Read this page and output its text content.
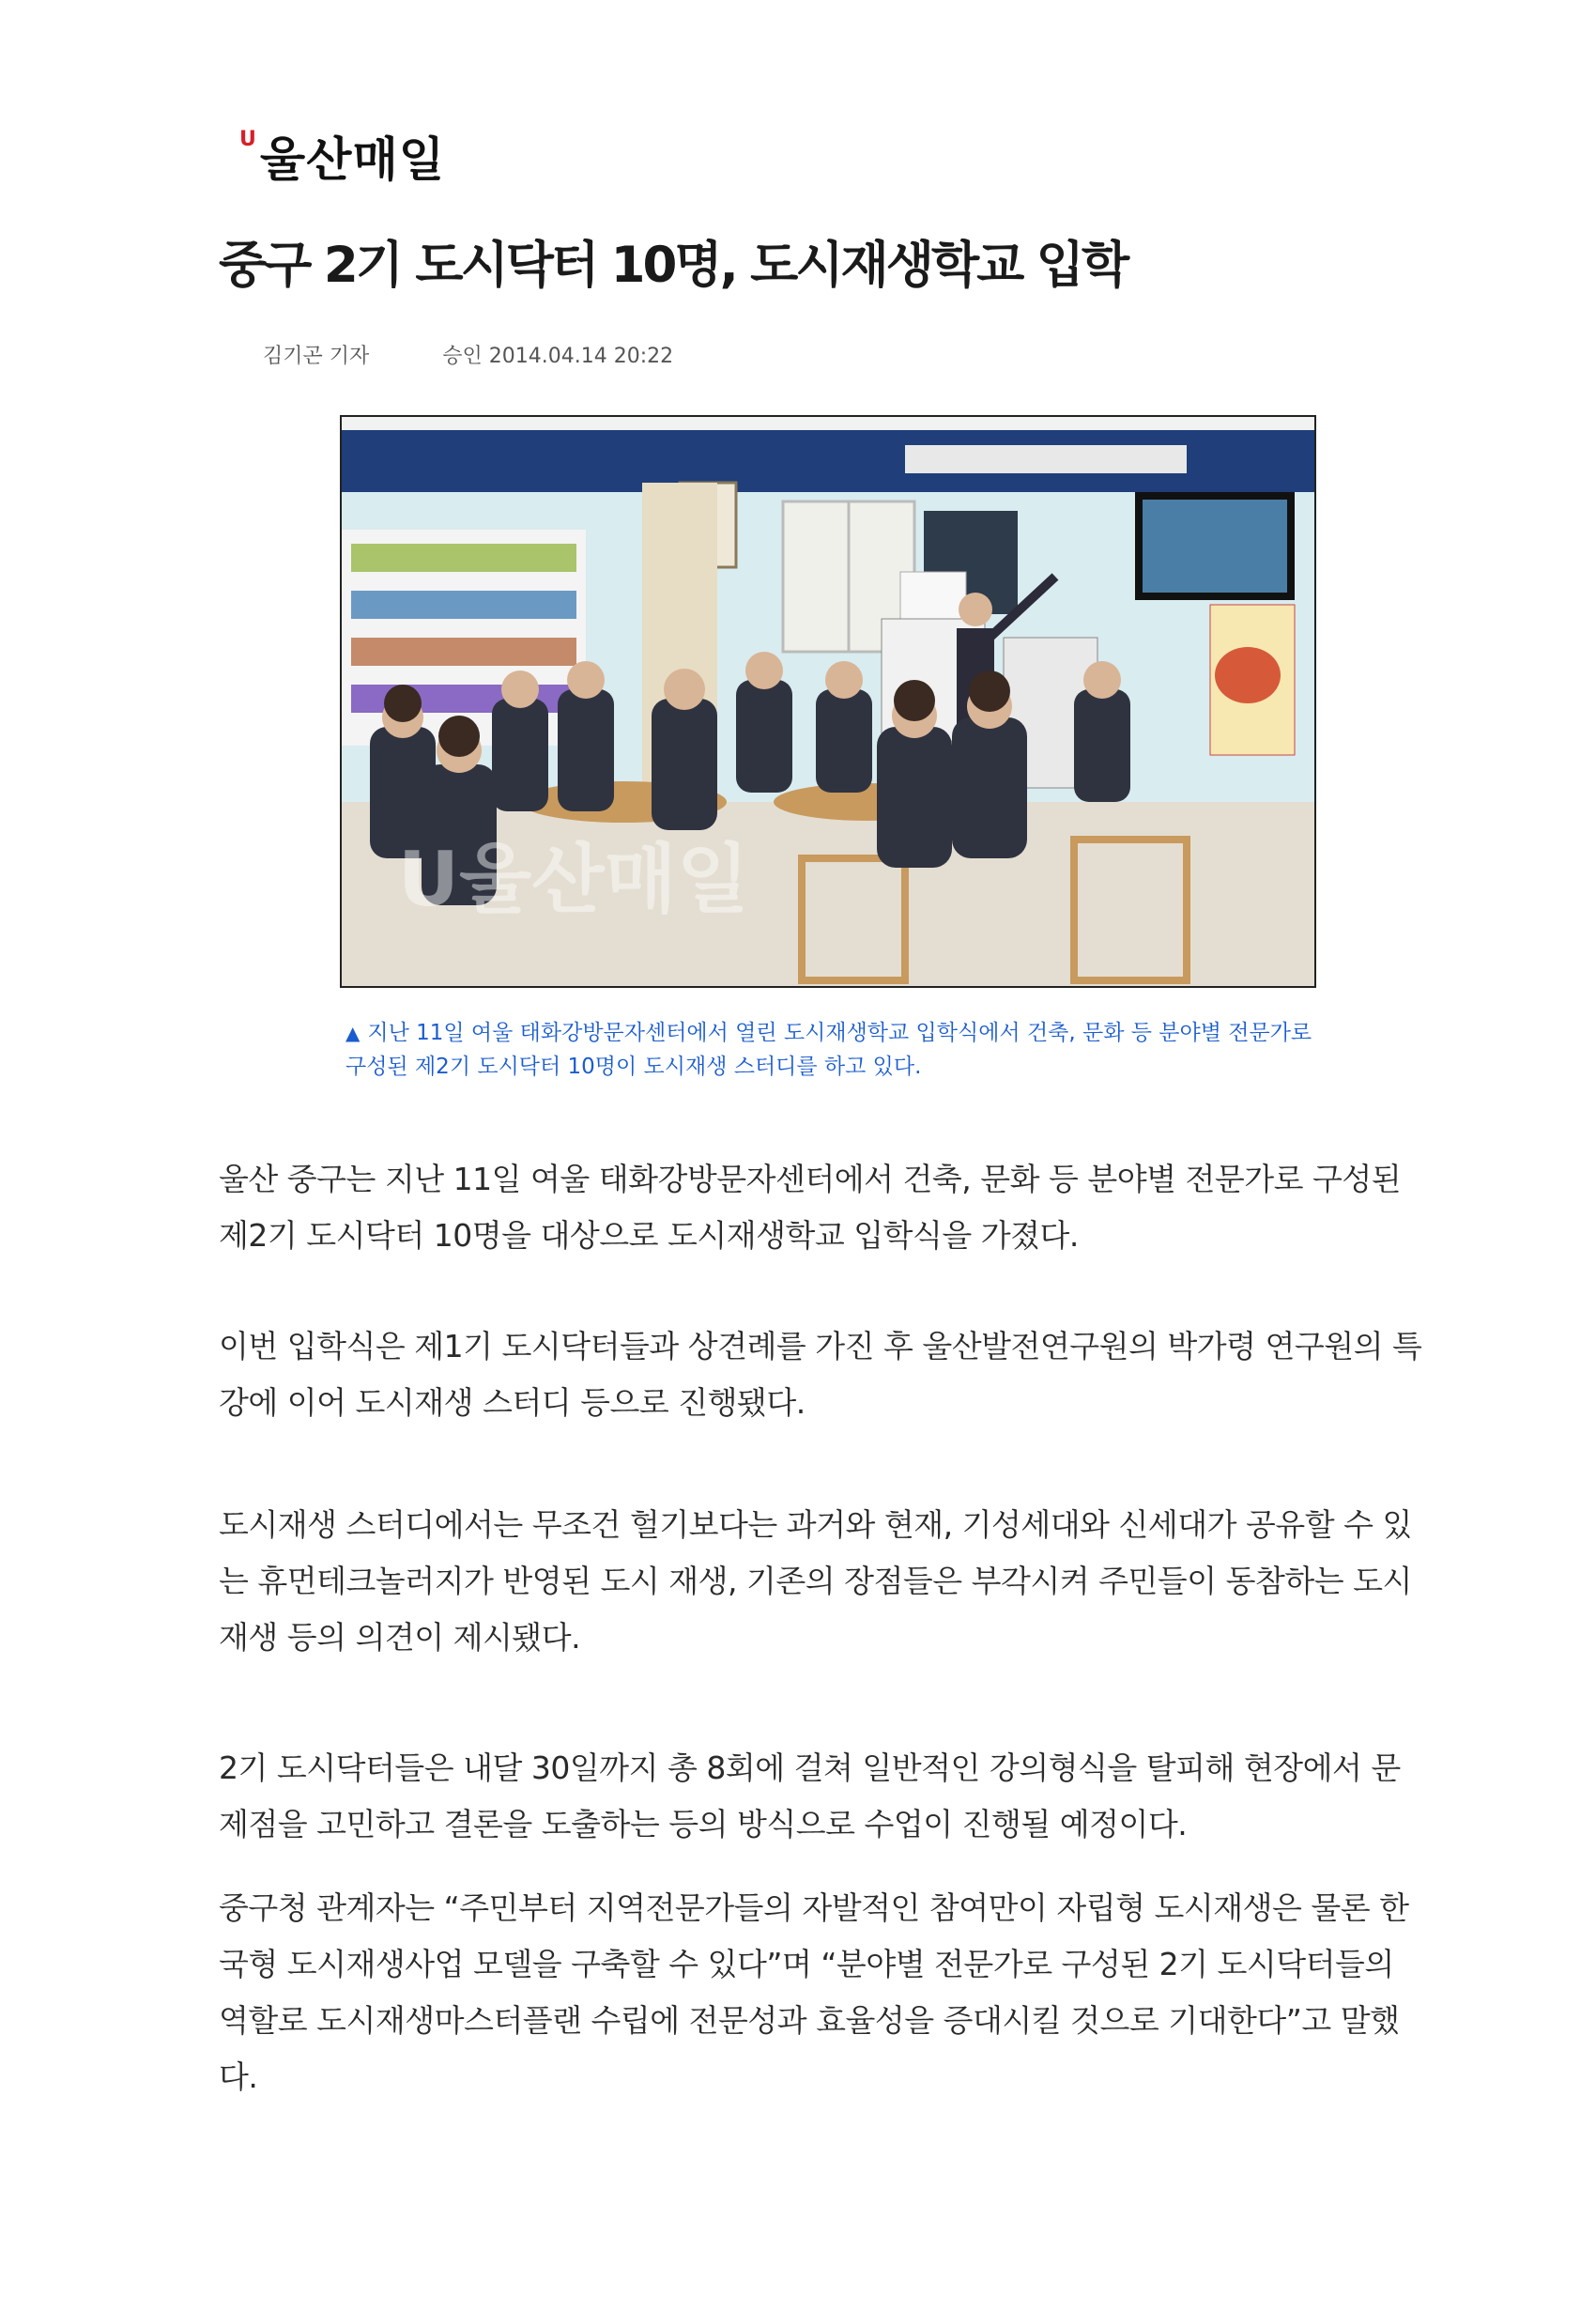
U 울산매일
중구 2기 도시닥터 10명, 도시재생학교 입학
김기곤 기자	승인 2014.04.14 20:22
U울산매일
▲ 지난 11일 여울 태화강방문자센터에서 열린 도시재생학교 입학식에서 건축, 문화 등 분야별 전문가로 구성된 제2기 도시닥터 10명이 도시재생 스터디를 하고 있다.

울산 중구는 지난 11일 여울 태화강방문자센터에서 건축, 문화 등 분야별 전문가로 구성된 제2기 도시닥터 10명을 대상으로 도시재생학교 입학식을 가졌다.

이번 입학식은 제1기 도시닥터들과 상견례를 가진 후 울산발전연구원의 박가령 연구원의 특강에 이어 도시재생 스터디 등으로 진행됐다.

도시재생 스터디에서는 무조건 헐기보다는 과거와 현재, 기성세대와 신세대가 공유할 수 있는 휴먼테크놀러지가 반영된 도시 재생, 기존의 장점들은 부각시켜 주민들이 동참하는 도시 재생 등의 의견이 제시됐다.

2기 도시닥터들은 내달 30일까지 총 8회에 걸쳐 일반적인 강의형식을 탈피해 현장에서 문제점을 고민하고 결론을 도출하는 등의 방식으로 수업이 진행될 예정이다.

중구청 관계자는 “주민부터 지역전문가들의 자발적인 참여만이 자립형 도시재생은 물론 한국형 도시재생사업 모델을 구축할 수 있다”며 “분야별 전문가로 구성된 2기 도시닥터들의 역할로 도시재생마스터플랜 수립에 전문성과 효율성을 증대시킬 것으로 기대한다”고 말했다.
